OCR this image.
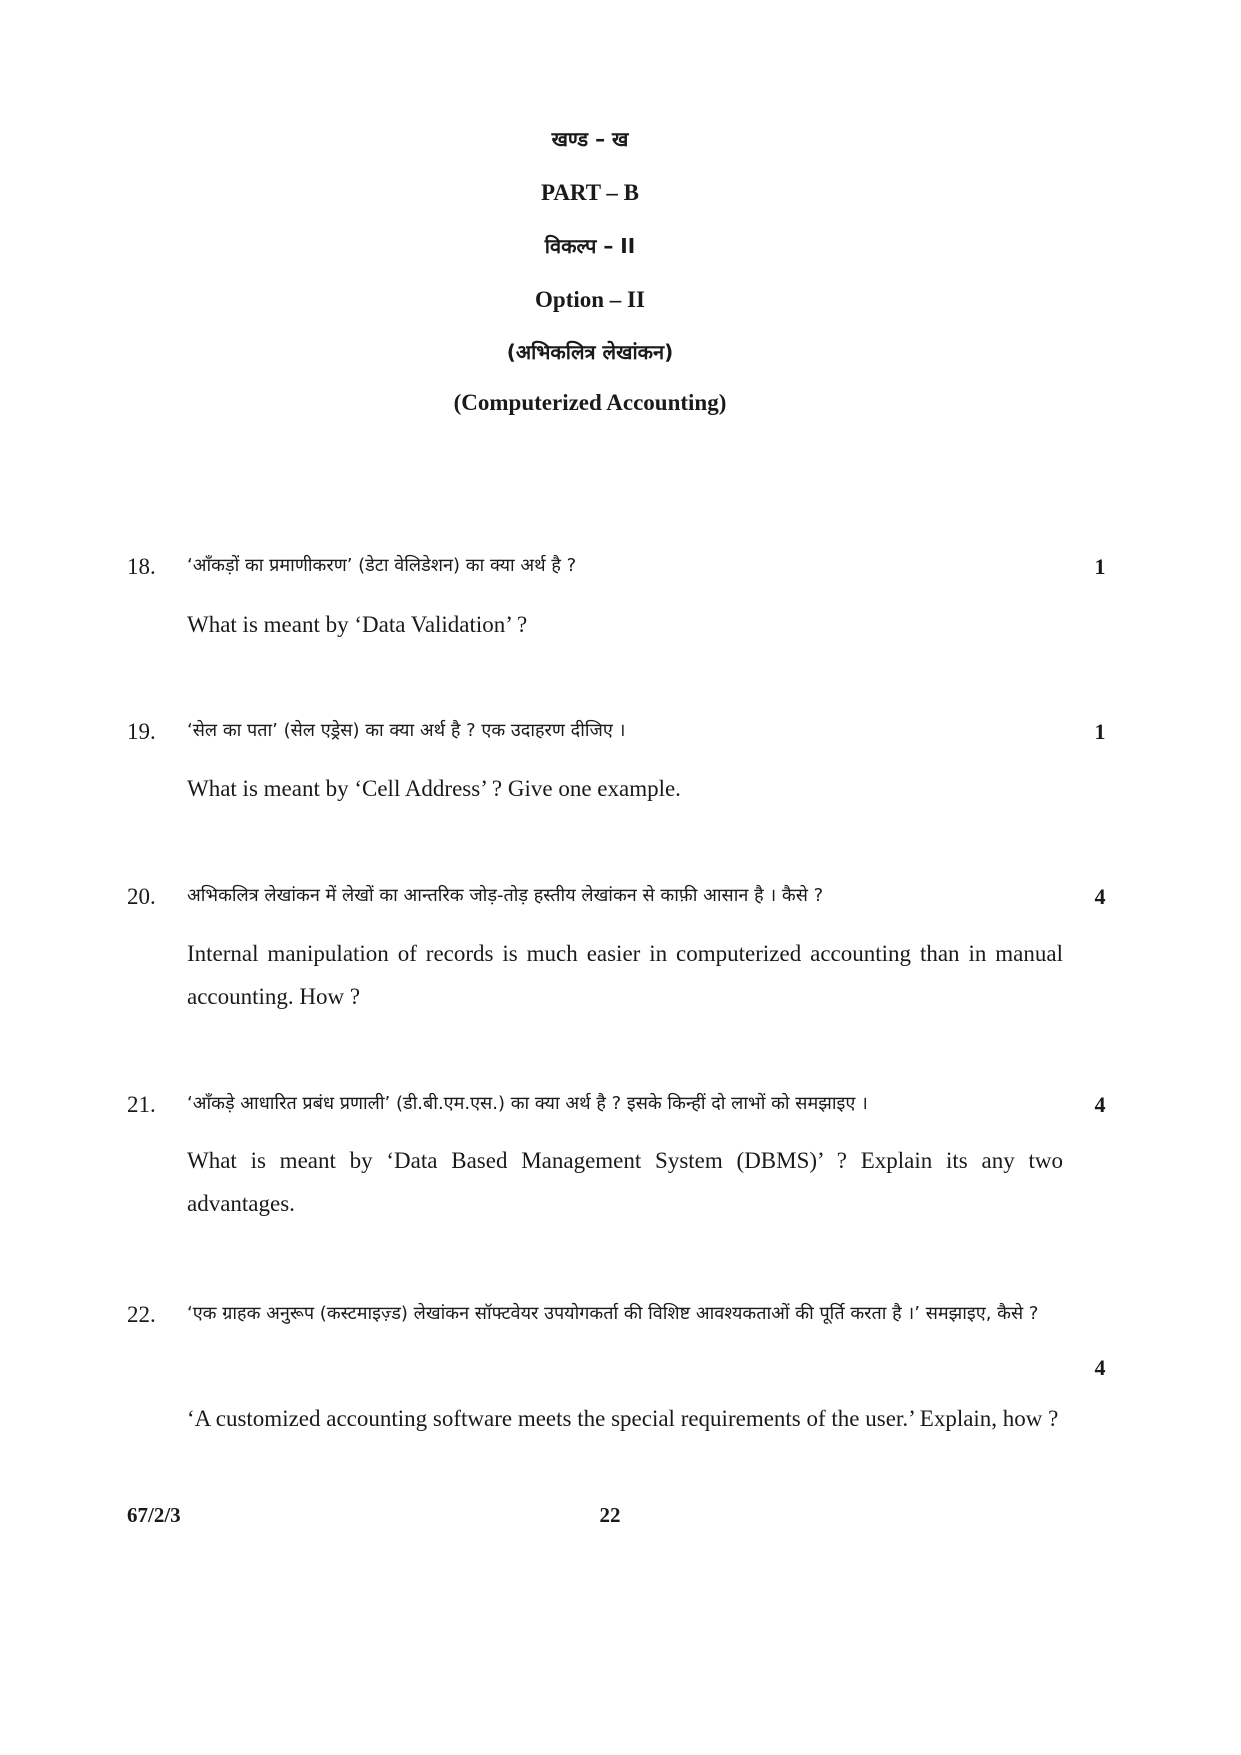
खण्ड – ख
PART – B
विकल्प – II
Option – II
(अभिकलित्र लेखांकन)
(Computerized Accounting)
18. ‘आँकड़ों का प्रमाणीकरण’ (डेटा वेलिडेशन) का क्या अर्थ है ?	1
What is meant by ‘Data Validation’ ?
19. ‘सेल का पता’ (सेल एड्रेस) का क्या अर्थ है ? एक उदाहरण दीजिए ।	1
What is meant by ‘Cell Address’ ? Give one example.
20. अभिकलित्र लेखांकन में लेखों का आन्तरिक जोड़-तोड़ हस्तीय लेखांकन से काफ़ी आसान है । कैसे ?	4
Internal manipulation of records is much easier in computerized accounting than in manual accounting. How ?
21. ‘आँकड़े आधारित प्रबंध प्रणाली’ (डी.बी.एम.एस.) का क्या अर्थ है ? इसके किन्हीं दो लाभों को समझाइए ।	4
What is meant by ‘Data Based Management System (DBMS)’ ? Explain its any two advantages.
22. ‘एक ग्राहक अनुरूप (कस्टमाइज़्ड) लेखांकन सॉफ्टवेयर उपयोगकर्ता की विशिष्ट आवश्यकताओं की पूर्ति करता है ।’ समझाइए, कैसे ?
4
‘A customized accounting software meets the special requirements of the user.’ Explain, how ?
67/2/3	22
